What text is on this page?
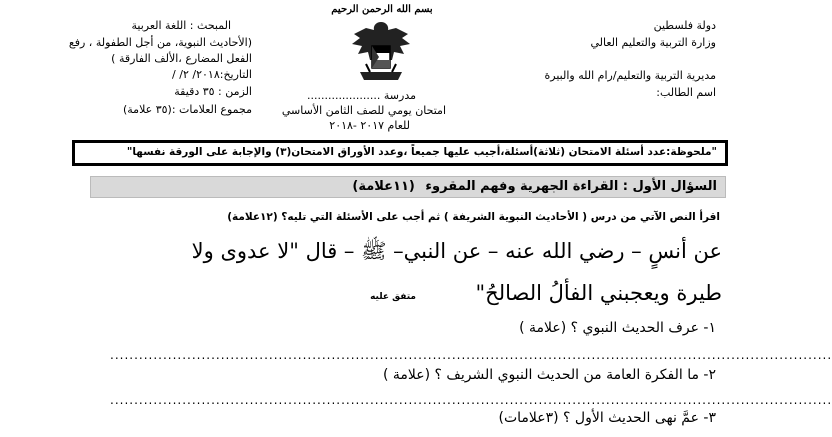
دولة فلسطين
وزارة التربية والتعليم العالي
مديرية التربية والتعليم/رام الله والبيرة
اسم الطالب:
بسم الله الرحمن الرحيم
مدرسة .....................
امتحان يومي للصف الثامن الأساسي
للعام ٢٠١٧ -٢٠١٨
المبحث : اللغة العربية
(الأحاديث النبوية، من أجل الطفولة ، رفع
الفعل المضارع ،الألف الفارقة )
التاريخ:٢٠١٨/ ٢/ /
الزمن : ٣٥ دقيقة
مجموع العلامات :(٣٥ علامة)
"ملحوظة:عدد أسئلة الامتحان (ثلاثة)أسئلة،أجيب عليها جميعاً ،وعدد الأوراق الامتحان(٣) والإجابة على الورقة نفسها"
السؤال الأول : القراءة الجهرية وفهم المقروء (١١علامة)
اقرأ النص الآتي من درس ( الأحاديث النبوية الشريفة ) ثم أجب على الأسئلة التي تليه؟ (١٢علامة)
عن أنسٍ – رضي الله عنه – عن النبي– ﷺ – قال "لا عدوى ولا
طيرة ويعجبني الفألُ الصالحُ"
متفق عليه
١- عرف الحديث النبوي ؟ (علامة )
......................................................................................................................................................
٢- ما الفكرة العامة من الحديث النبوي الشريف ؟ (علامة )
......................................................................................................................................................
٣- عمَّ نهى الحديث الأول ؟ (٣علامات)
